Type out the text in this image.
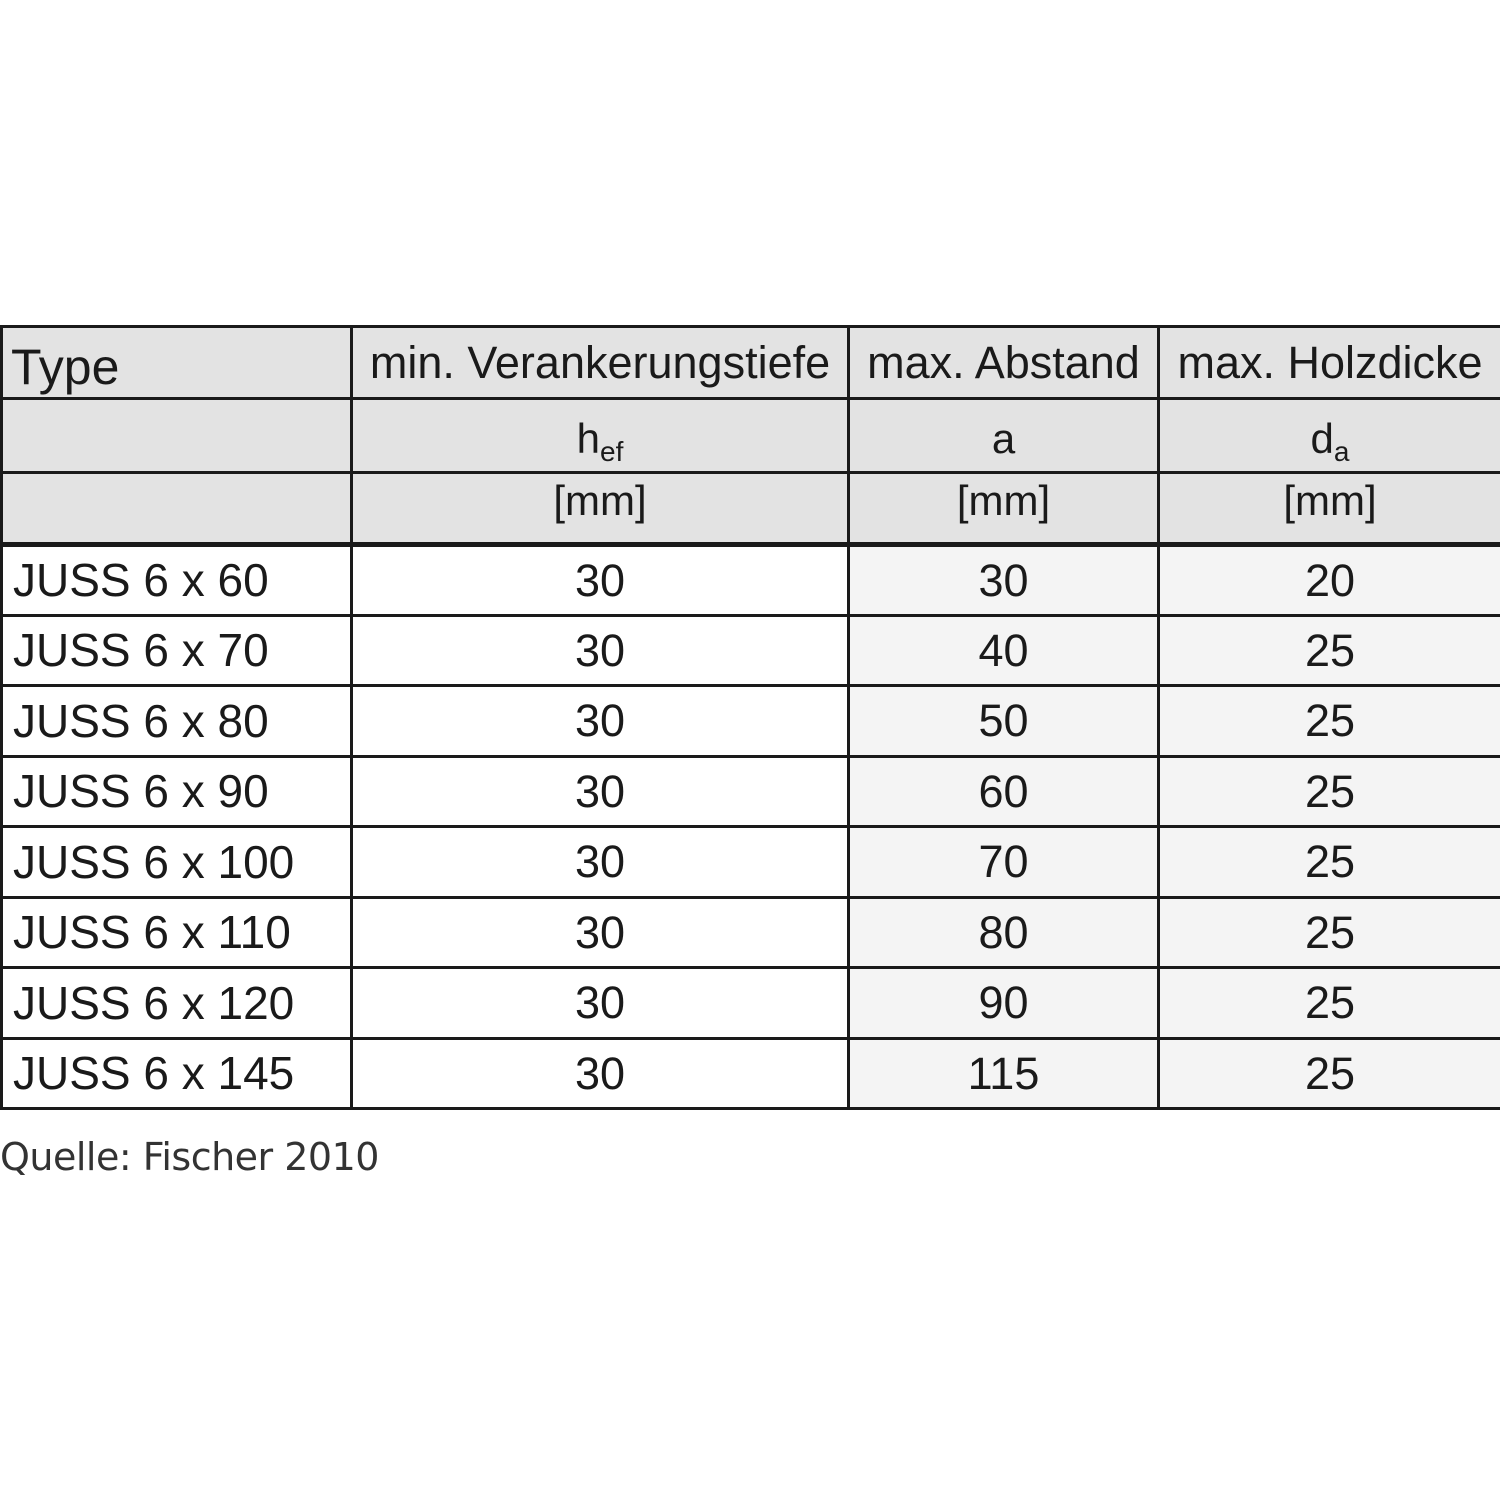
Type	min. Verankerungstiefe	max. Abstand	max. Holzdicke
	$h_{ef}$	a	$d_a$
	[mm]	[mm]	[mm]
JUSS 6 x 60	30	30	20
JUSS 6 x 70	30	40	25
JUSS 6 x 80	30	50	25
JUSS 6 x 90	30	60	25
JUSS 6 x 100	30	70	25
JUSS 6 x 110	30	80	25
JUSS 6 x 120	30	90	25
JUSS 6 x 145	30	115	25
Quelle: Fischer 2010
